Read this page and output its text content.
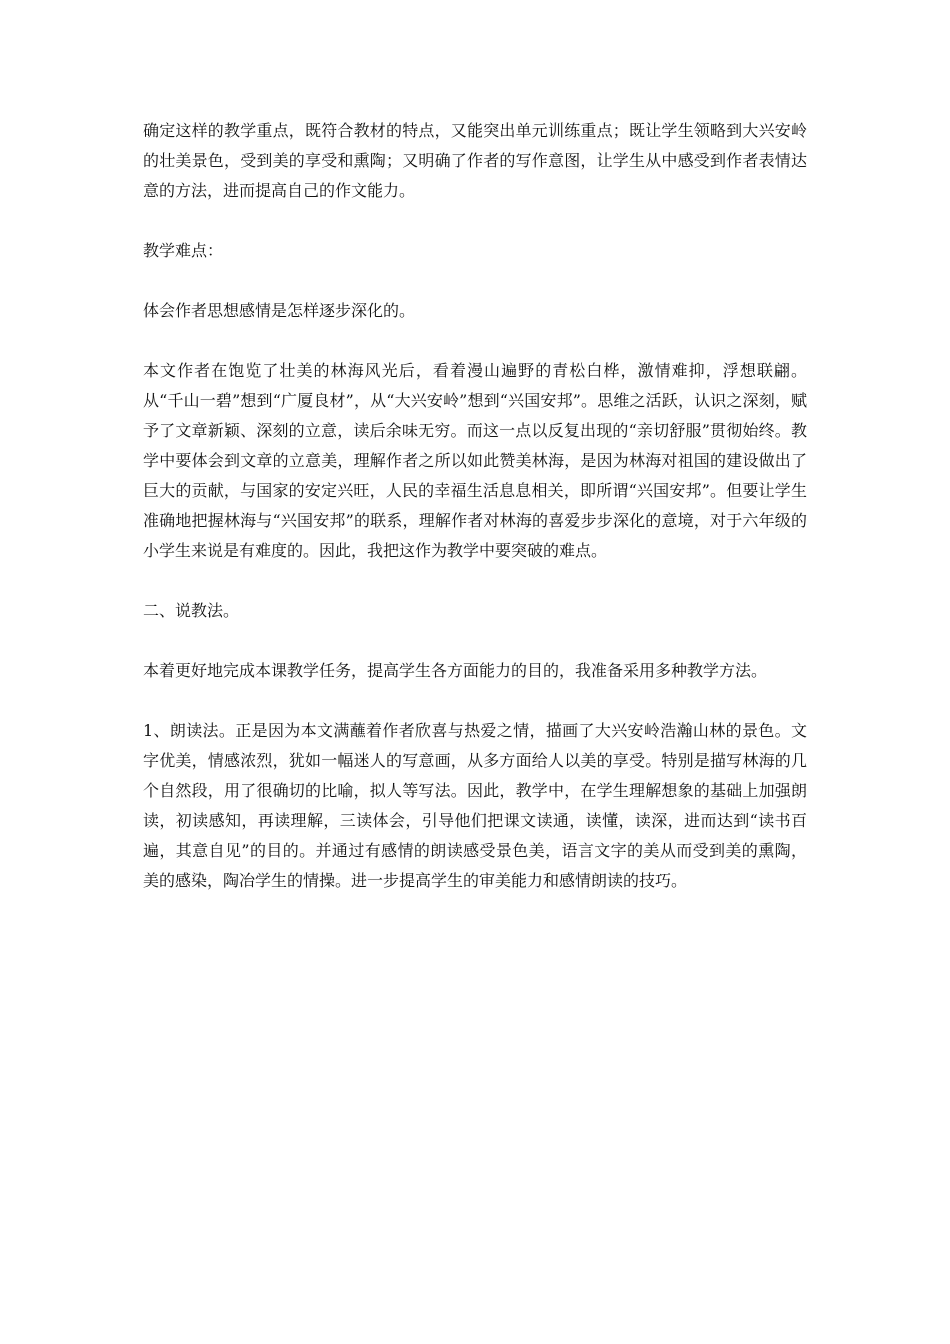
确定这样的教学重点，既符合教材的特点，又能突出单元训练重点；既让学生领略到大兴安岭的壮美景色，受到美的享受和熏陶；又明确了作者的写作意图，让学生从中感受到作者表情达意的方法，进而提高自己的作文能力。

教学难点：

体会作者思想感情是怎样逐步深化的。

本文作者在饱览了壮美的林海风光后，看着漫山遍野的青松白桦，激情难抑，浮想联翩。从“千山一碧”想到“广厦良材”，从“大兴安岭”想到“兴国安邦”。思维之活跃，认识之深刻，赋予了文章新颖、深刻的立意，读后余味无穷。而这一点以反复出现的“亲切舒服”贯彻始终。教学中要体会到文章的立意美，理解作者之所以如此赞美林海，是因为林海对祖国的建设做出了巨大的贡献，与国家的安定兴旺，人民的幸福生活息息相关，即所谓“兴国安邦”。但要让学生准确地把握林海与“兴国安邦”的联系，理解作者对林海的喜爱步步深化的意境，对于六年级的小学生来说是有难度的。因此，我把这作为教学中要突破的难点。

二、说教法。

本着更好地完成本课教学任务，提高学生各方面能力的目的，我准备采用多种教学方法。

1、朗读法。正是因为本文满蘸着作者欣喜与热爱之情，描画了大兴安岭浩瀚山林的景色。文字优美，情感浓烈，犹如一幅迷人的写意画，从多方面给人以美的享受。特别是描写林海的几个自然段，用了很确切的比喻，拟人等写法。因此，教学中，在学生理解想象的基础上加强朗读，初读感知，再读理解，三读体会，引导他们把课文读通，读懂，读深，进而达到“读书百遍，其意自见”的目的。并通过有感情的朗读感受景色美，语言文字的美从而受到美的熏陶，美的感染，陶冶学生的情操。进一步提高学生的审美能力和感情朗读的技巧。
